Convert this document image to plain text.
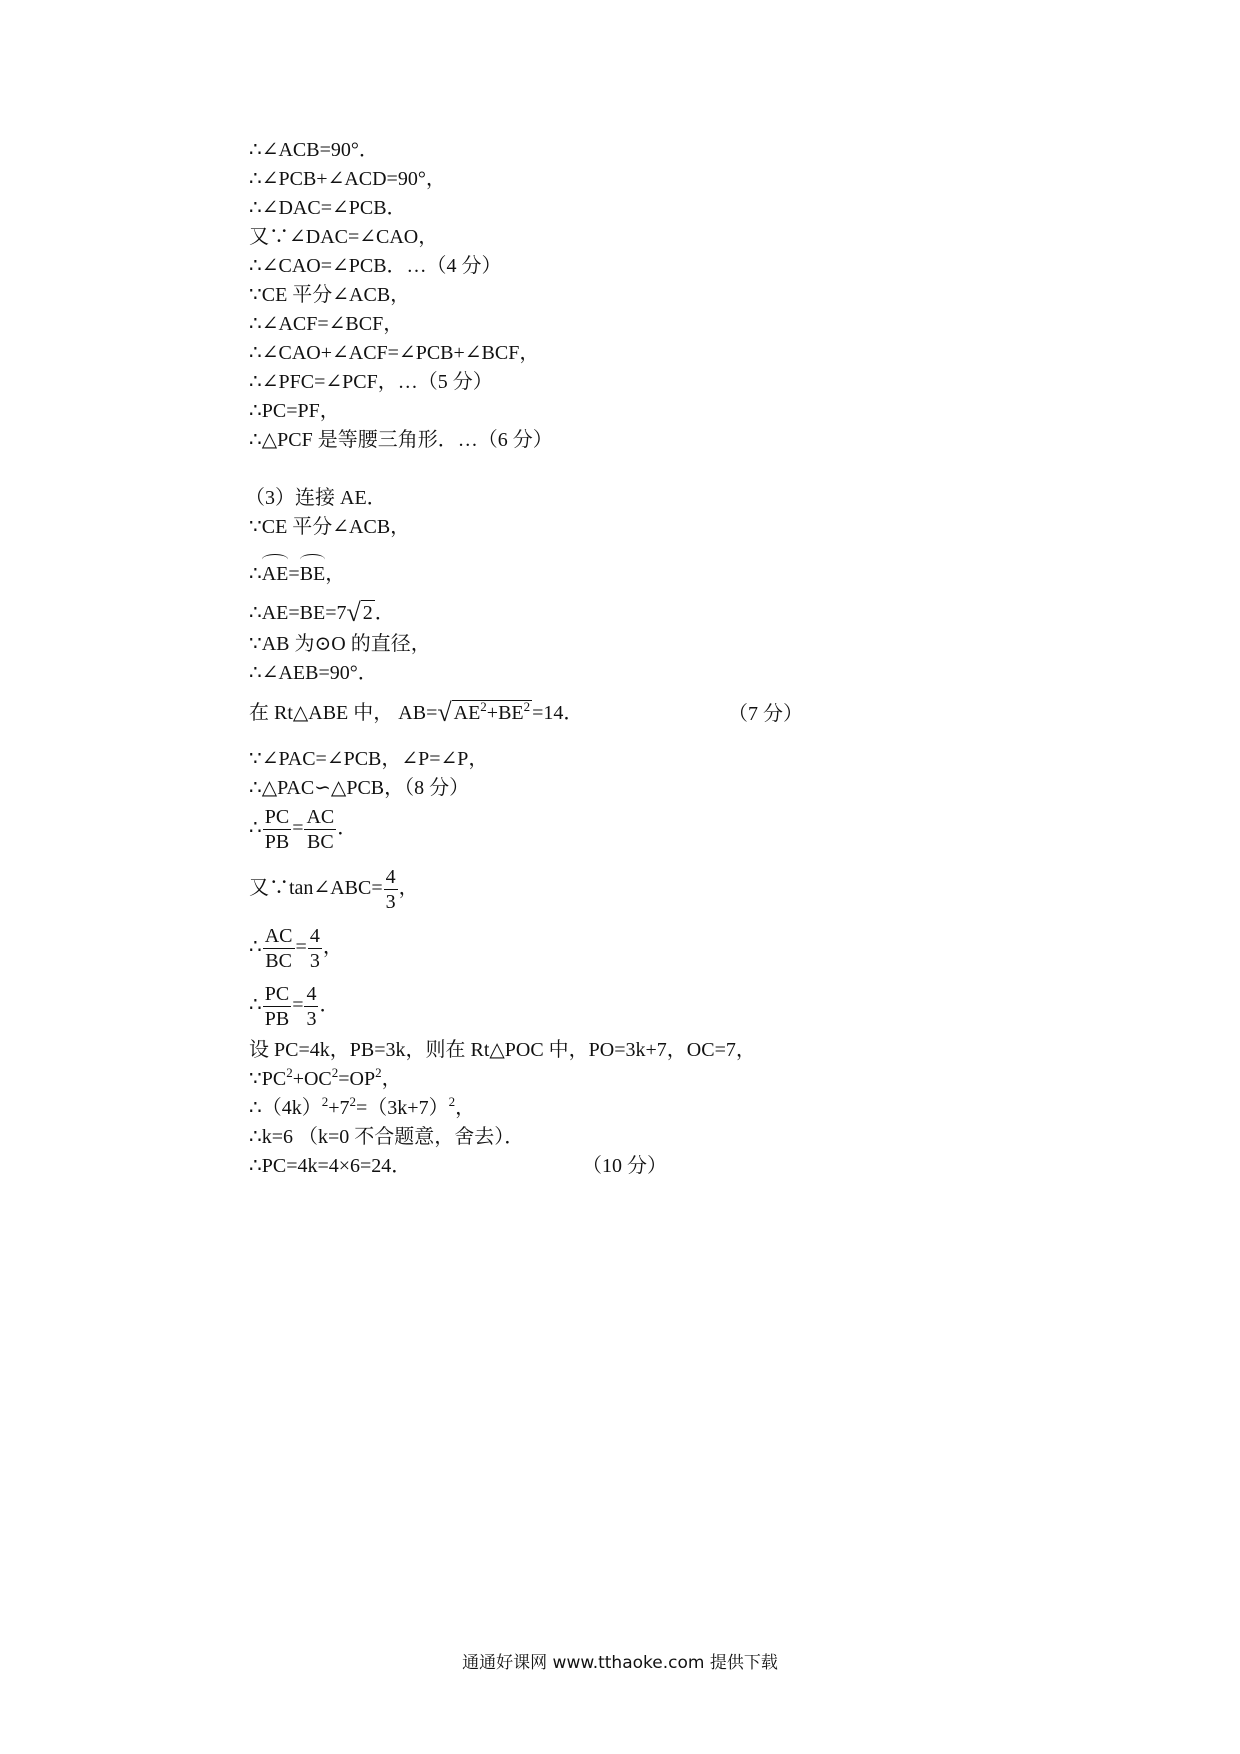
∴∠ACB=90°．
∴∠PCB+∠ACD=90°，
∴∠DAC=∠PCB．
又∵∠DAC=∠CAO，
∴∠CAO=∠PCB．…（4 分）
∵CE 平分∠ACB，
∴∠ACF=∠BCF，
∴∠CAO+∠ACF=∠PCB+∠BCF，
∴∠PFC=∠PCF，…（5 分）
∴PC=PF，
∴△PCF 是等腰三角形．…（6 分）
（3）连接 AE．
∵CE 平分∠ACB，
∴AE=BE，
∴AE=BE=7√ 2 ．
∵AB 为⊙O 的直径，
∴∠AEB=90°．
在 Rt△ABE 中， AB=√ $AE^2+BE^2 =14$．	（7 分）
∵∠PAC=∠PCB，∠P=∠P，
∴△PAC∽△PCB，（8 分）
∴ $\frac{PC}{PB} = \frac{AC}{BC}$ ．
又∵tan∠ABC= $\frac{4}{3}$ ，
∴ $\frac{AC}{BC} = \frac{4}{3}$ ，
∴ $\frac{PC}{PB} = \frac{4}{3}$ ．
设 PC=4k，PB=3k，则在 Rt△POC 中，PO=3k+7，OC=7，
$\because PC^2+OC^2=OP^2$，
$\therefore(4k)^2+7^2=(3k+7)^2$，
∴k=6 （k=0 不合题意，舍去）．
∴PC=4k=4×6=24．	（10 分）
通通好课网 www.tthaoke.com 提供下载
